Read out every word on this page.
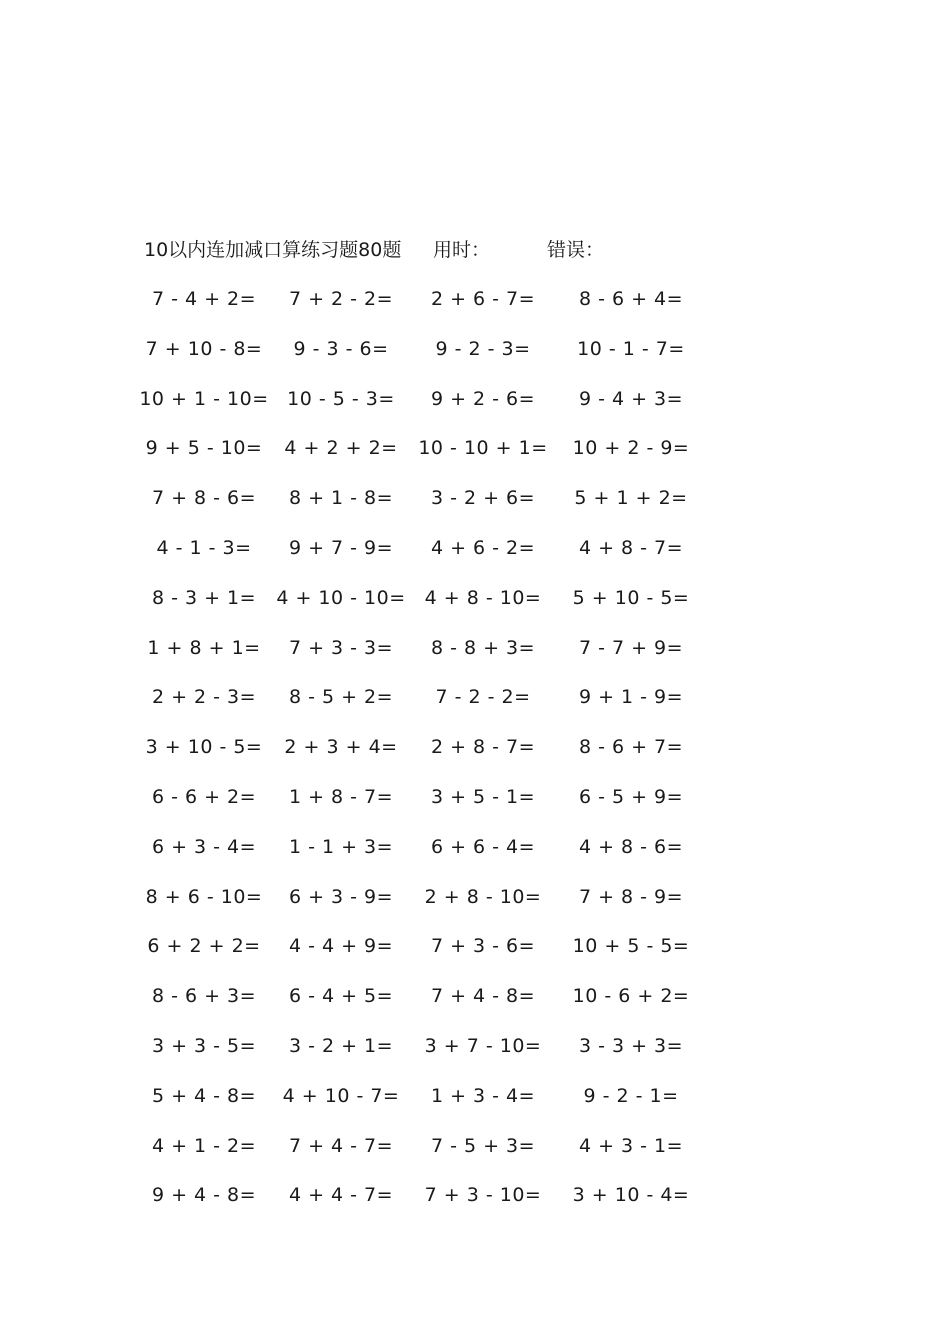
10以内连加减口算练习题80题 用时：	错误：
7 - 4 + 2=	7 + 2 - 2=	2 + 6 - 7=	8 - 6 + 4=
7 + 10 - 8=	9 - 3 - 6=	9 - 2 - 3=	10 - 1 - 7=
10 + 1 - 10= 10 - 5 - 3=	9 + 2 - 6=	9 - 4 + 3=
9 + 5 - 10=	4 + 2 + 2=	10 - 10 + 1=	10 + 2 - 9=
7 + 8 - 6=	8 + 1 - 8=	3 - 2 + 6=	5 + 1 + 2=
4 - 1 - 3=	9 + 7 - 9=	4 + 6 - 2=	4 + 8 - 7=
8 - 3 + 1=	4 + 10 - 10=	4 + 8 - 10=	5 + 10 - 5=
1 + 8 + 1=	7 + 3 - 3=	8 - 8 + 3=	7 - 7 + 9=
2 + 2 - 3=	8 - 5 + 2=	7 - 2 - 2=	9 + 1 - 9=
3 + 10 - 5=	2 + 3 + 4=	2 + 8 - 7=	8 - 6 + 7=
6 - 6 + 2=	1 + 8 - 7=	3 + 5 - 1=	6 - 5 + 9=
6 + 3 - 4=	1 - 1 + 3=	6 + 6 - 4=	4 + 8 - 6=
8 + 6 - 10=	6 + 3 - 9=	2 + 8 - 10=	7 + 8 - 9=
6 + 2 + 2=	4 - 4 + 9=	7 + 3 - 6=	10 + 5 - 5=
8 - 6 + 3=	6 - 4 + 5=	7 + 4 - 8=	10 - 6 + 2=
3 + 3 - 5=	3 - 2 + 1=	3 + 7 - 10=	3 - 3 + 3=
5 + 4 - 8=	4 + 10 - 7=	1 + 3 - 4=	9 - 2 - 1=
4 + 1 - 2=	7 + 4 - 7=	7 - 5 + 3=	4 + 3 - 1=
9 + 4 - 8=	4 + 4 - 7=	7 + 3 - 10=	3 + 10 - 4=
